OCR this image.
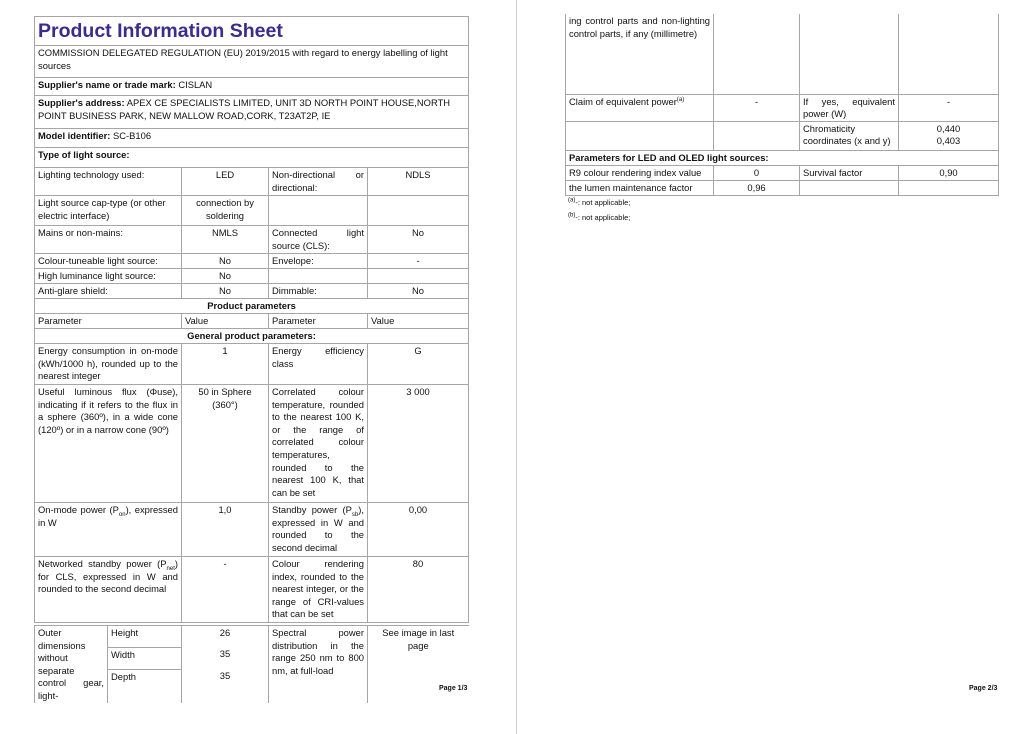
Product Information Sheet			
COMMISSION DELEGATED REGULATION (EU) 2019/2015 with regard to energy labelling of light sources			
Supplier's name or trade mark: CISLAN			
Supplier's address: APEX CE SPECIALISTS LIMITED, UNIT 3D NORTH POINT HOUSE,NORTH POINT BUSINESS PARK, NEW MALLOW ROAD,CORK, T23AT2P, IE			
Model identifier: SC-B106			
Type of light source:			
Lighting technology used:	LED	Non-directional or directional:	NDLS
Light source cap-type (or other electric interface)	connection by soldering		
Mains or non-mains:	NMLS	Connected light source (CLS):	No
Colour-tuneable light source:	No	Envelope:	-
High luminance light source:	No		
Anti-glare shield:	No	Dimmable:	No
Product parameters			
Parameter	Value	Parameter	Value
General product parameters:			
Energy consumption in on-mode (kWh/1000 h), rounded up to the nearest integer	1	Energy efficiency class	G
Useful luminous flux (Φuse), indicating if it refers to the flux in a sphere (360º), in a wide cone (120º) or in a narrow cone (90º)	50 in Sphere (360°)	Correlated colour temperature, rounded to the nearest 100 K, or the range of correlated colour temperatures, rounded to the nearest 100 K, that can be set	3 000
On-mode power $(P_{on})$, expressed in W	1,0	Standby power $(P_{sb})$, expressed in W and rounded to the second decimal	0,00
Networked standby power $(P_{net})$ for CLS, expressed in W and rounded to the second decimal	-	Colour rendering index, rounded to the nearest integer, or the range of CRI-values that can be set	80
Outer dimensions without separate control gear, light-	Height	26	Spectral power distribution in the range 250 nm to 800 nm, at full-load	See image in last page
	Width	35		
	Depth	35		
Page 1/3
ing control parts and non-lighting control parts, if any (millimetre)			
Claim of equivalent power$^{(a)}$	-	If yes, equivalent power (W)	-
		Chromaticity coordinates (x and y)	0,440
0,403

Parameters for LED and OLED light sources:			
R9 colour rendering index value	0	Survival factor	0,90
the lumen maintenance factor	0,96		
$^{(a)}$-: not applicable;
$^{(b)}$-: not applicable;
Page 2/3
